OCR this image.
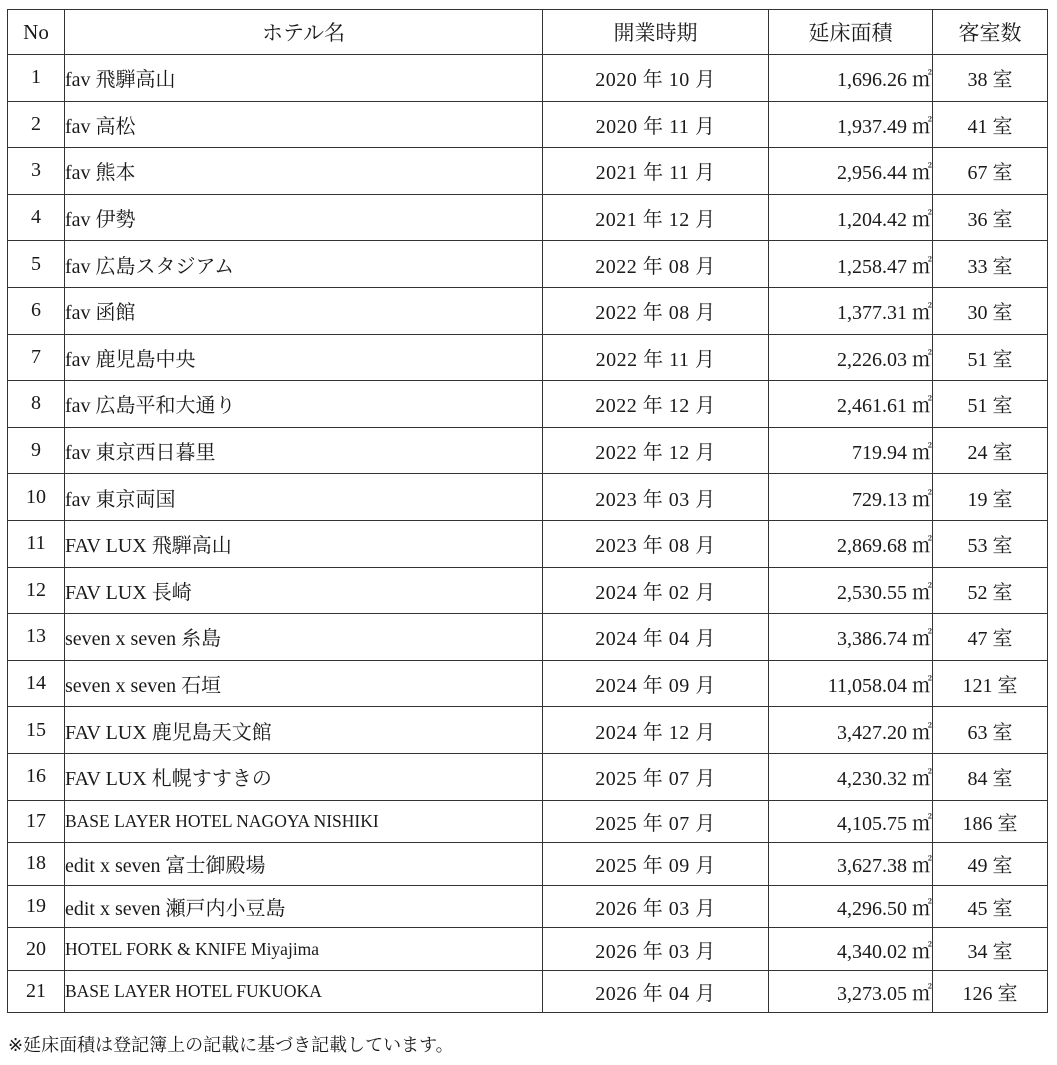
No	ホテル名	開業時期	延床面積	客室数
1	fav 飛騨高山	2020 年 10 月	1,696.26 ㎡	38 室
2	fav 高松	2020 年 11 月	1,937.49 ㎡	41 室
3	fav 熊本	2021 年 11 月	2,956.44 ㎡	67 室
4	fav 伊勢	2021 年 12 月	1,204.42 ㎡	36 室
5	fav 広島スタジアム	2022 年 08 月	1,258.47 ㎡	33 室
6	fav 函館	2022 年 08 月	1,377.31 ㎡	30 室
7	fav 鹿児島中央	2022 年 11 月	2,226.03 ㎡	51 室
8	fav 広島平和大通り	2022 年 12 月	2,461.61 ㎡	51 室
9	fav 東京西日暮里	2022 年 12 月	719.94 ㎡	24 室
10	fav 東京両国	2023 年 03 月	729.13 ㎡	19 室
11	FAV LUX 飛騨高山	2023 年 08 月	2,869.68 ㎡	53 室
12	FAV LUX 長崎	2024 年 02 月	2,530.55 ㎡	52 室
13	seven x seven 糸島	2024 年 04 月	3,386.74 ㎡	47 室
14	seven x seven 石垣	2024 年 09 月	11,058.04 ㎡	121 室
15	FAV LUX 鹿児島天文館	2024 年 12 月	3,427.20 ㎡	63 室
16	FAV LUX 札幌すすきの	2025 年 07 月	4,230.32 ㎡	84 室
17	BASE LAYER HOTEL NAGOYA NISHIKI	2025 年 07 月	4,105.75 ㎡	186 室
18	edit x seven 富士御殿場	2025 年 09 月	3,627.38 ㎡	49 室
19	edit x seven 瀬戸内小豆島	2026 年 03 月	4,296.50 ㎡	45 室
20	HOTEL FORK & KNIFE Miyajima	2026 年 03 月	4,340.02 ㎡	34 室
21	BASE LAYER HOTEL FUKUOKA	2026 年 04 月	3,273.05 ㎡	126 室
※延床面積は登記簿上の記載に基づき記載しています。
